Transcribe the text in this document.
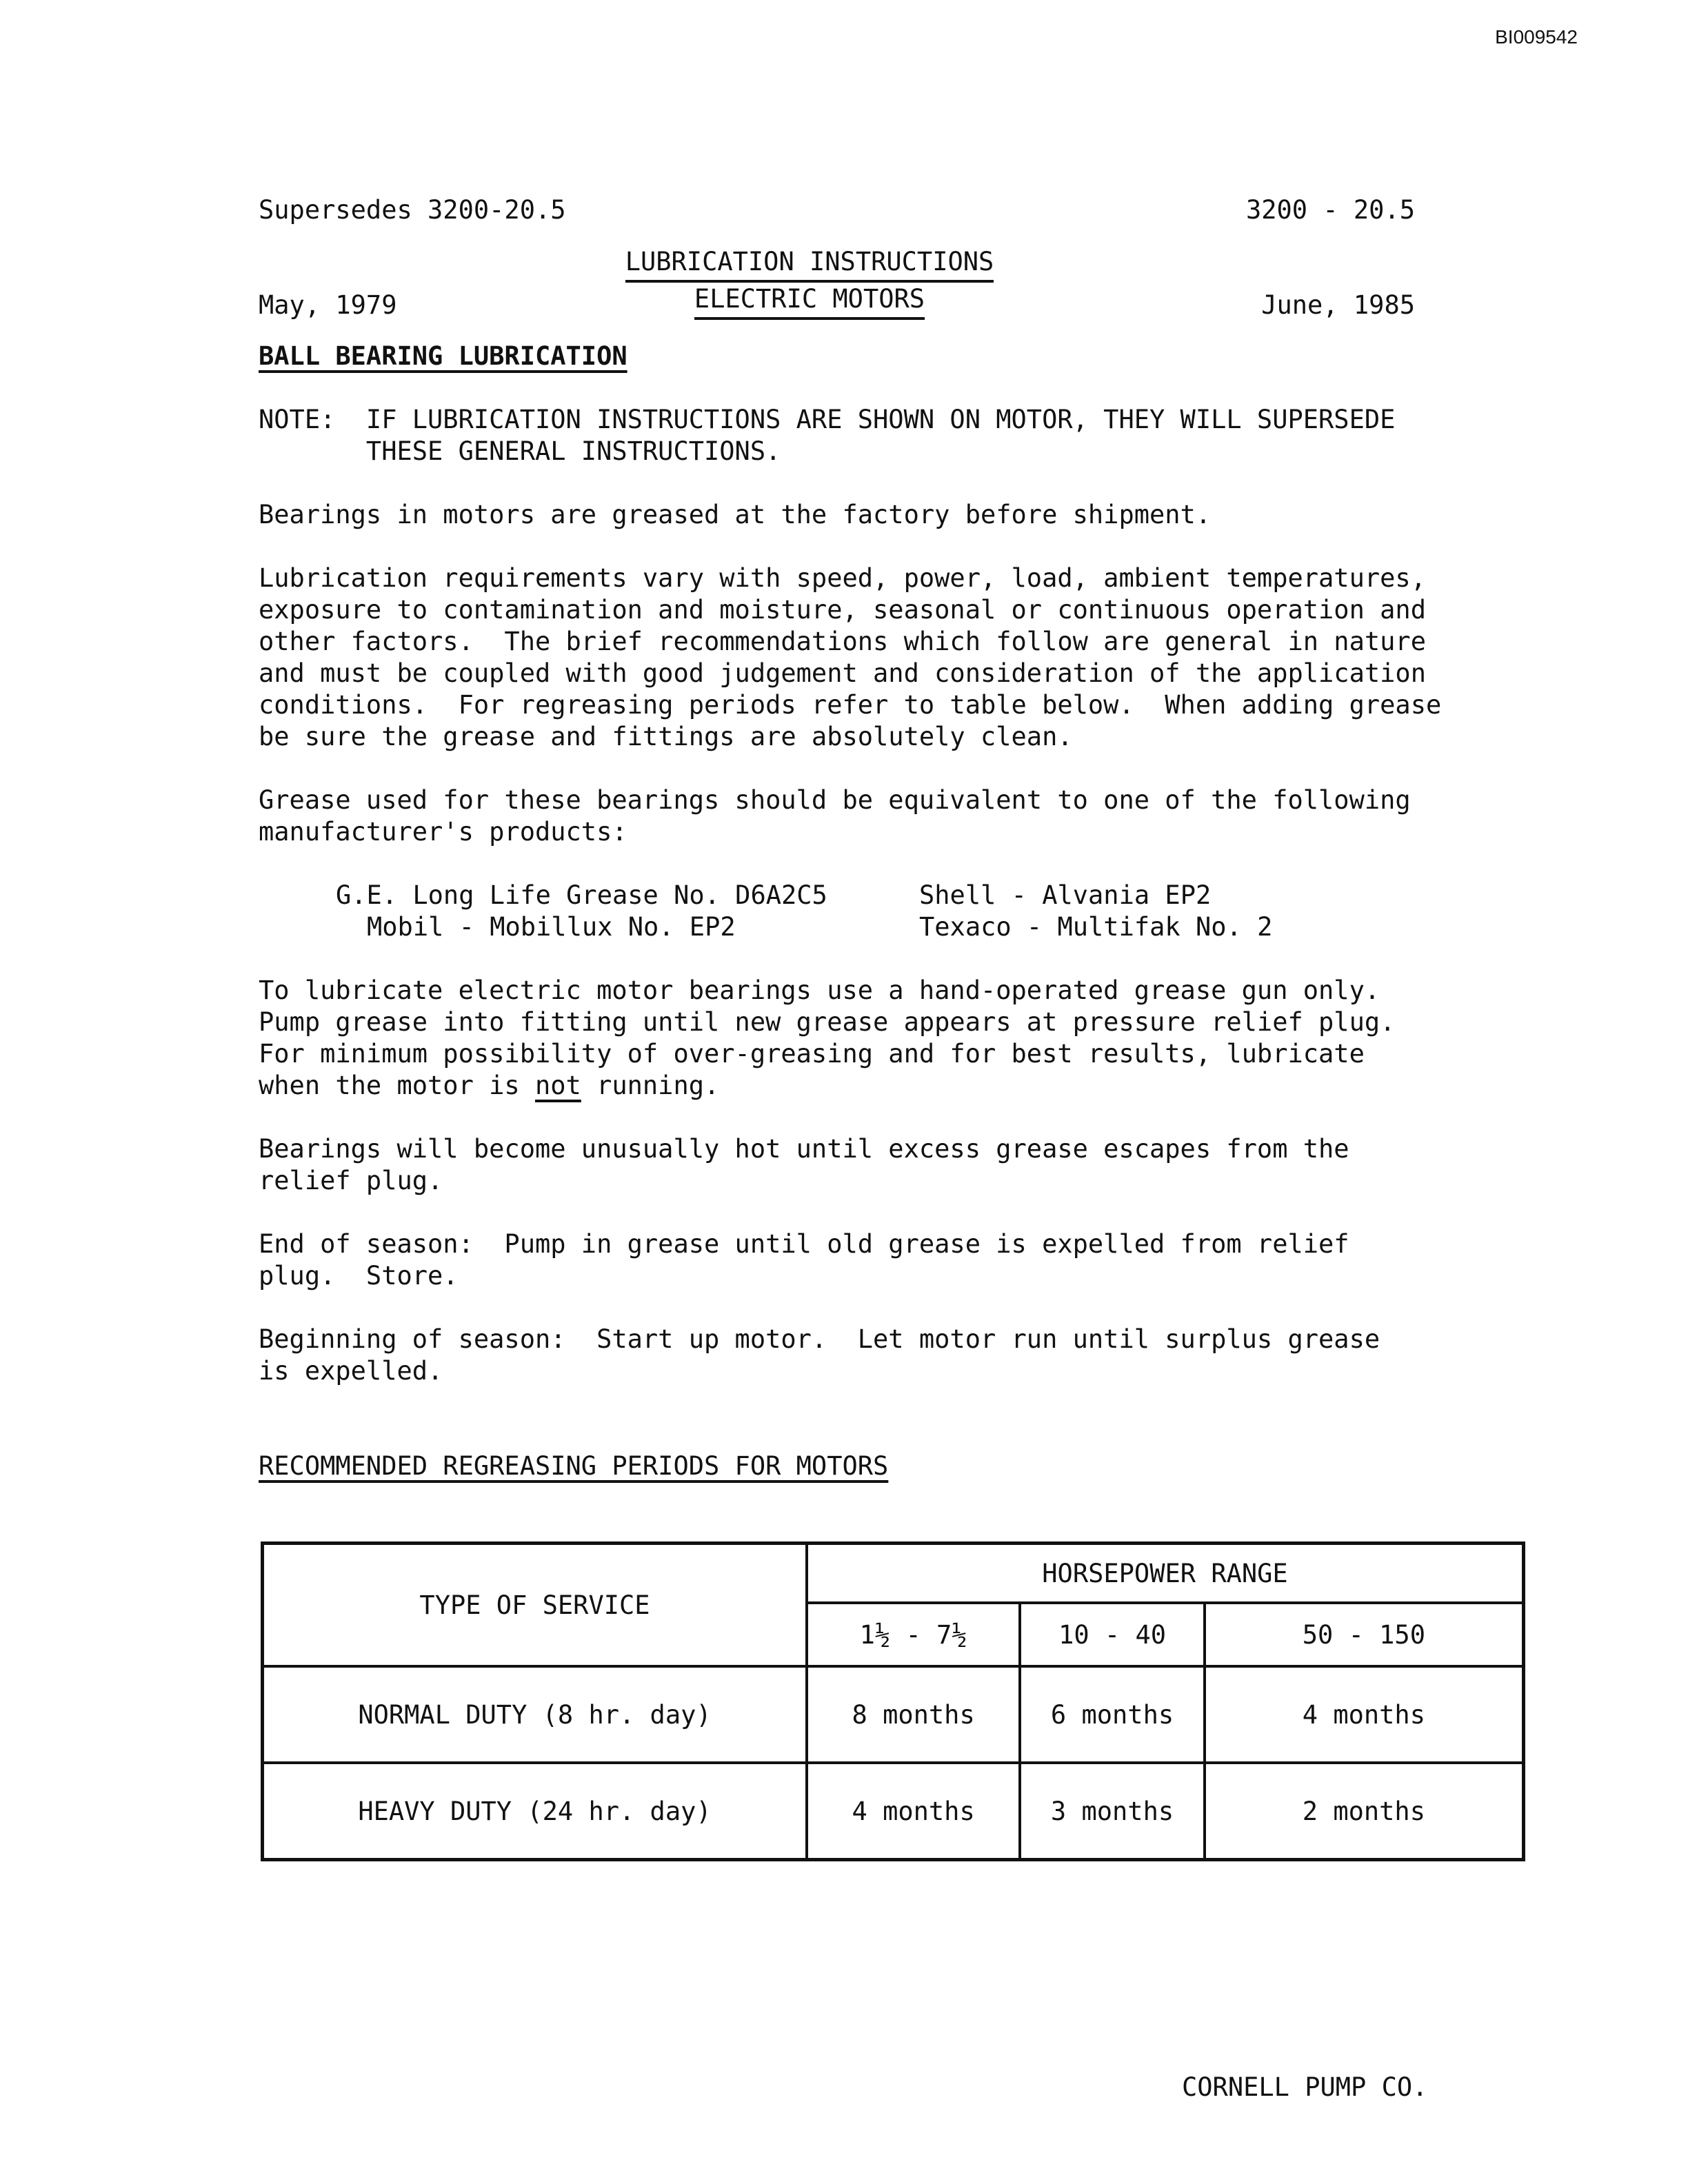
BI009542

Supersedes 3200-20.5

May, 1979

3200 - 20.5

June, 1985

LUBRICATION INSTRUCTIONS
ELECTRIC MOTORS
BALL BEARING LUBRICATION
NOTE:  IF LUBRICATION INSTRUCTIONS ARE SHOWN ON MOTOR, THEY WILL SUPERSEDE
THESE GENERAL INSTRUCTIONS.
Bearings in motors are greased at the factory before shipment.
Lubrication requirements vary with speed, power, load, ambient temperatures,
exposure to contamination and moisture, seasonal or continuous operation and
other factors.  The brief recommendations which follow are general in nature
and must be coupled with good judgement and consideration of the application
conditions.  For regreasing periods refer to table below.  When adding grease
be sure the grease and fittings are absolutely clean.
Grease used for these bearings should be equivalent to one of the following
manufacturer's products:
G.E. Long Life Grease No. D6A2C5
Mobil - Mobillux No. EP2
Shell - Alvania EP2
Texaco - Multifak No. 2
To lubricate electric motor bearings use a hand-operated grease gun only.
Pump grease into fitting until new grease appears at pressure relief plug.
For minimum possibility of over-greasing and for best results, lubricate
when the motor is not running.
Bearings will become unusually hot until excess grease escapes from the
relief plug.
End of season:  Pump in grease until old grease is expelled from relief
plug.  Store.
Beginning of season:  Start up motor.  Let motor run until surplus grease
is expelled.
RECOMMENDED REGREASING PERIODS FOR MOTORS
TYPE OF SERVICE	HORSEPOWER RANGE		
	1½ - 7½	10 - 40	50 - 150
NORMAL DUTY (8 hr. day)	8 months	6 months	4 months
HEAVY DUTY (24 hr. day)	4 months	3 months	2 months
CORNELL PUMP CO.
